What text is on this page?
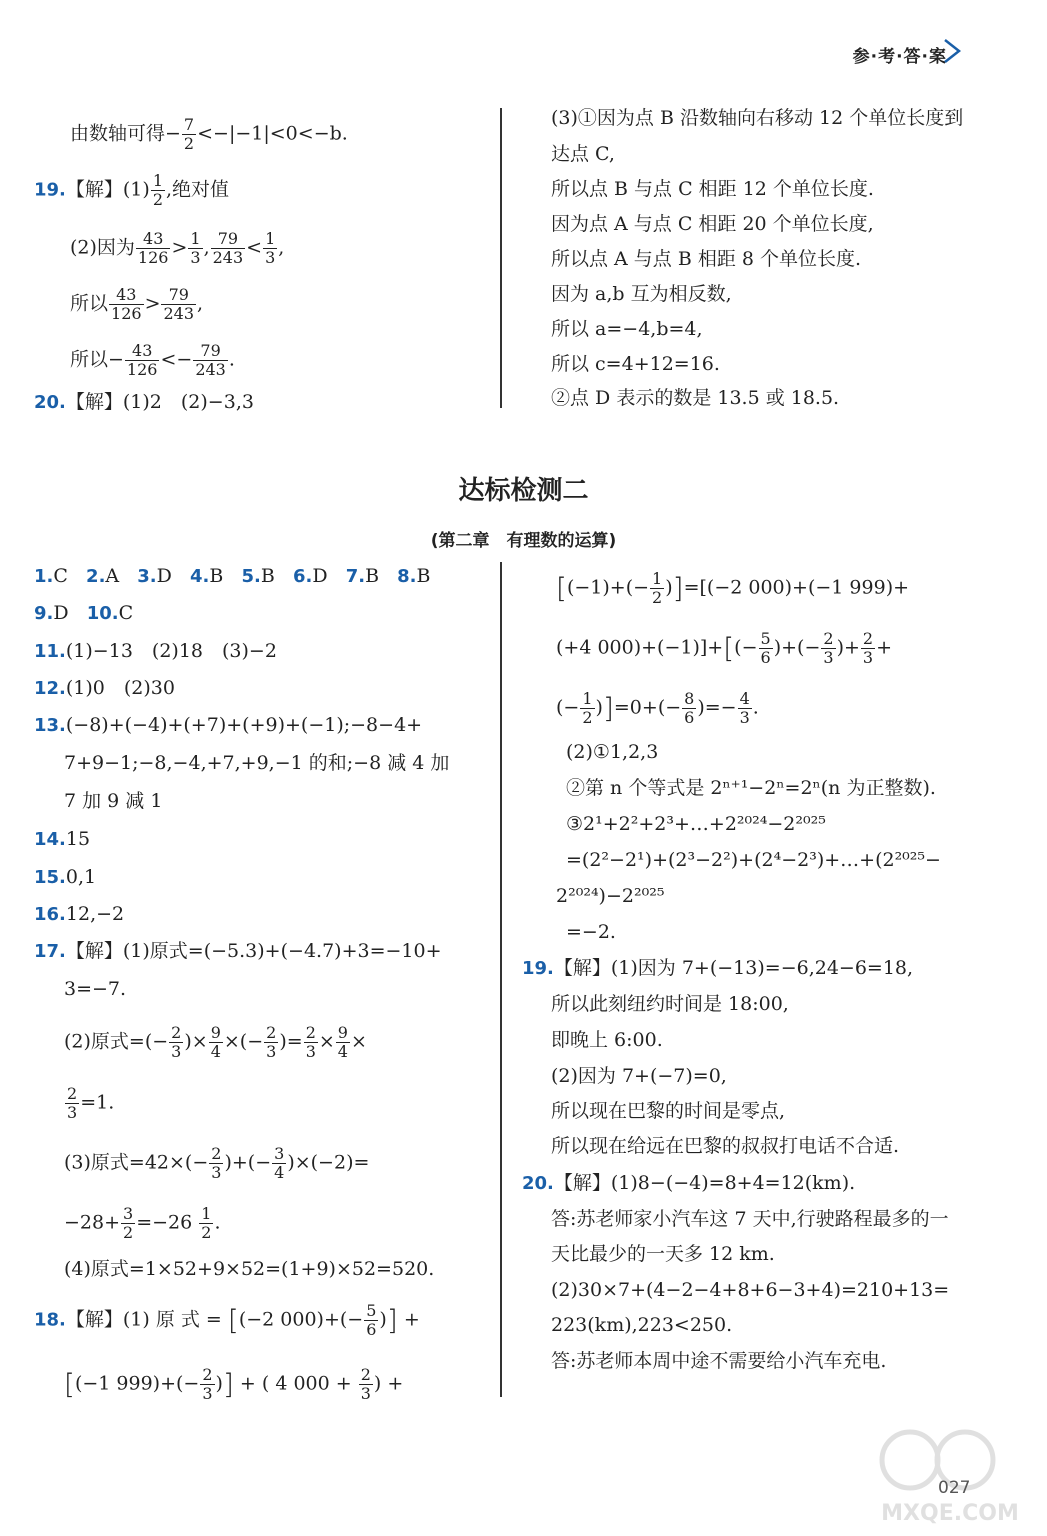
参·考·答·案
由数轴可得− $\frac{7}{2} <-|-1|<0<-b$.
19.【解】$(1) \frac{1}{2}$ ,绝对值
(2)因为 $\frac{43}{126} > \frac{1}{3}$ , $\frac{79}{243} < \frac{1}{3}$ ,
所以 $\frac{43}{126} > \frac{79}{243}$ ,
所以− $\frac{43}{126} <- \frac{79}{243}$ .
20.【解】(1)2　(2)−3,3
(3)①因为点 B 沿数轴向右移动 12 个单位长度到
达点 C,
所以点 B 与点 C 相距 12 个单位长度.
因为点 A 与点 C 相距 20 个单位长度,
所以点 A 与点 B 相距 8 个单位长度.
因为 a,b 互为相反数,
所以 a=−4,b=4,
所以 c=4+12=16.
②点 D 表示的数是 13.5 或 18.5.
达标检测二
(第二章　有理数的运算)
1.C 2.A 3.D 4.B 5.B 6.D 7.B 8.B
9.D 10.C
11.(1)−13　(2)18　(3)−2
12.(1)0　(2)30
13.(−8)+(−4)+(+7)+(+9)+(−1);−8−4+
7+9−1;−8,−4,+7,+9,−1 的和;−8 减 4 加
7 加 9 减 1
14.15
15.0,1
16.12,−2
17.【解】(1)原式=(−5.3)+(−4.7)+3=−10+
3=−7.
(2)原式=(− $\frac{2}{3}$ )× $\frac{9}{4}$ ×(− $\frac{2}{3}$ )= $\frac{2}{3} \times \frac{9}{4}$ ×
$\frac{2}{3} =1$.
(3)原式$=42\times(- \frac{2}{3}$ )+(− $\frac{3}{4} )\times(-2)=$
$-28+ \frac{3}{2} =-26 \frac{1}{2}$ .
(4)原式=1×52+9×52=(1+9)×52=520.
18.【解】(1) 原 式 = [(−2 $000)+(- \frac{5}{6}$ )] +
[(−1 $999)+(- \frac{2}{3}$ )] + ( 4 $000 + \frac{2}{3}$ ) +
$[(-1)+(- \frac{1}{2} )]=[(-2$ 000)+(−1 999)+
(+4 $000)+(-1)]+[(- \frac{5}{6}$ )+(− $\frac{2}{3}$ )+ $\frac{2}{3}$ +
(− $\frac{1}{2} )]=0+(- \frac{8}{6}$ )=− $\frac{4}{3}$ .
(2)①1,2,3
②第 n 个等式是 2ⁿ⁺¹−2ⁿ=2ⁿ(n 为正整数).
③2¹+2²+2³+…+2²⁰²⁴−2²⁰²⁵
=(2²−2¹)+(2³−2²)+(2⁴−2³)+…+(2²⁰²⁵−
2²⁰²⁴)−2²⁰²⁵
=−2.
19.【解】(1)因为 7+(−13)=−6,24−6=18,
所以此刻纽约时间是 18:00,
即晚上 6:00.
(2)因为 7+(−7)=0,
所以现在巴黎的时间是零点,
所以现在给远在巴黎的叔叔打电话不合适.
20.【解】(1)8−(−4)=8+4=12(km).
答:苏老师家小汽车这 7 天中,行驶路程最多的一
天比最少的一天多 12 km.
(2)30×7+(4−2−4+8+6−3+4)=210+13=
223(km),223<250.
答:苏老师本周中途不需要给小汽车充电.
MXQE.COM
027
